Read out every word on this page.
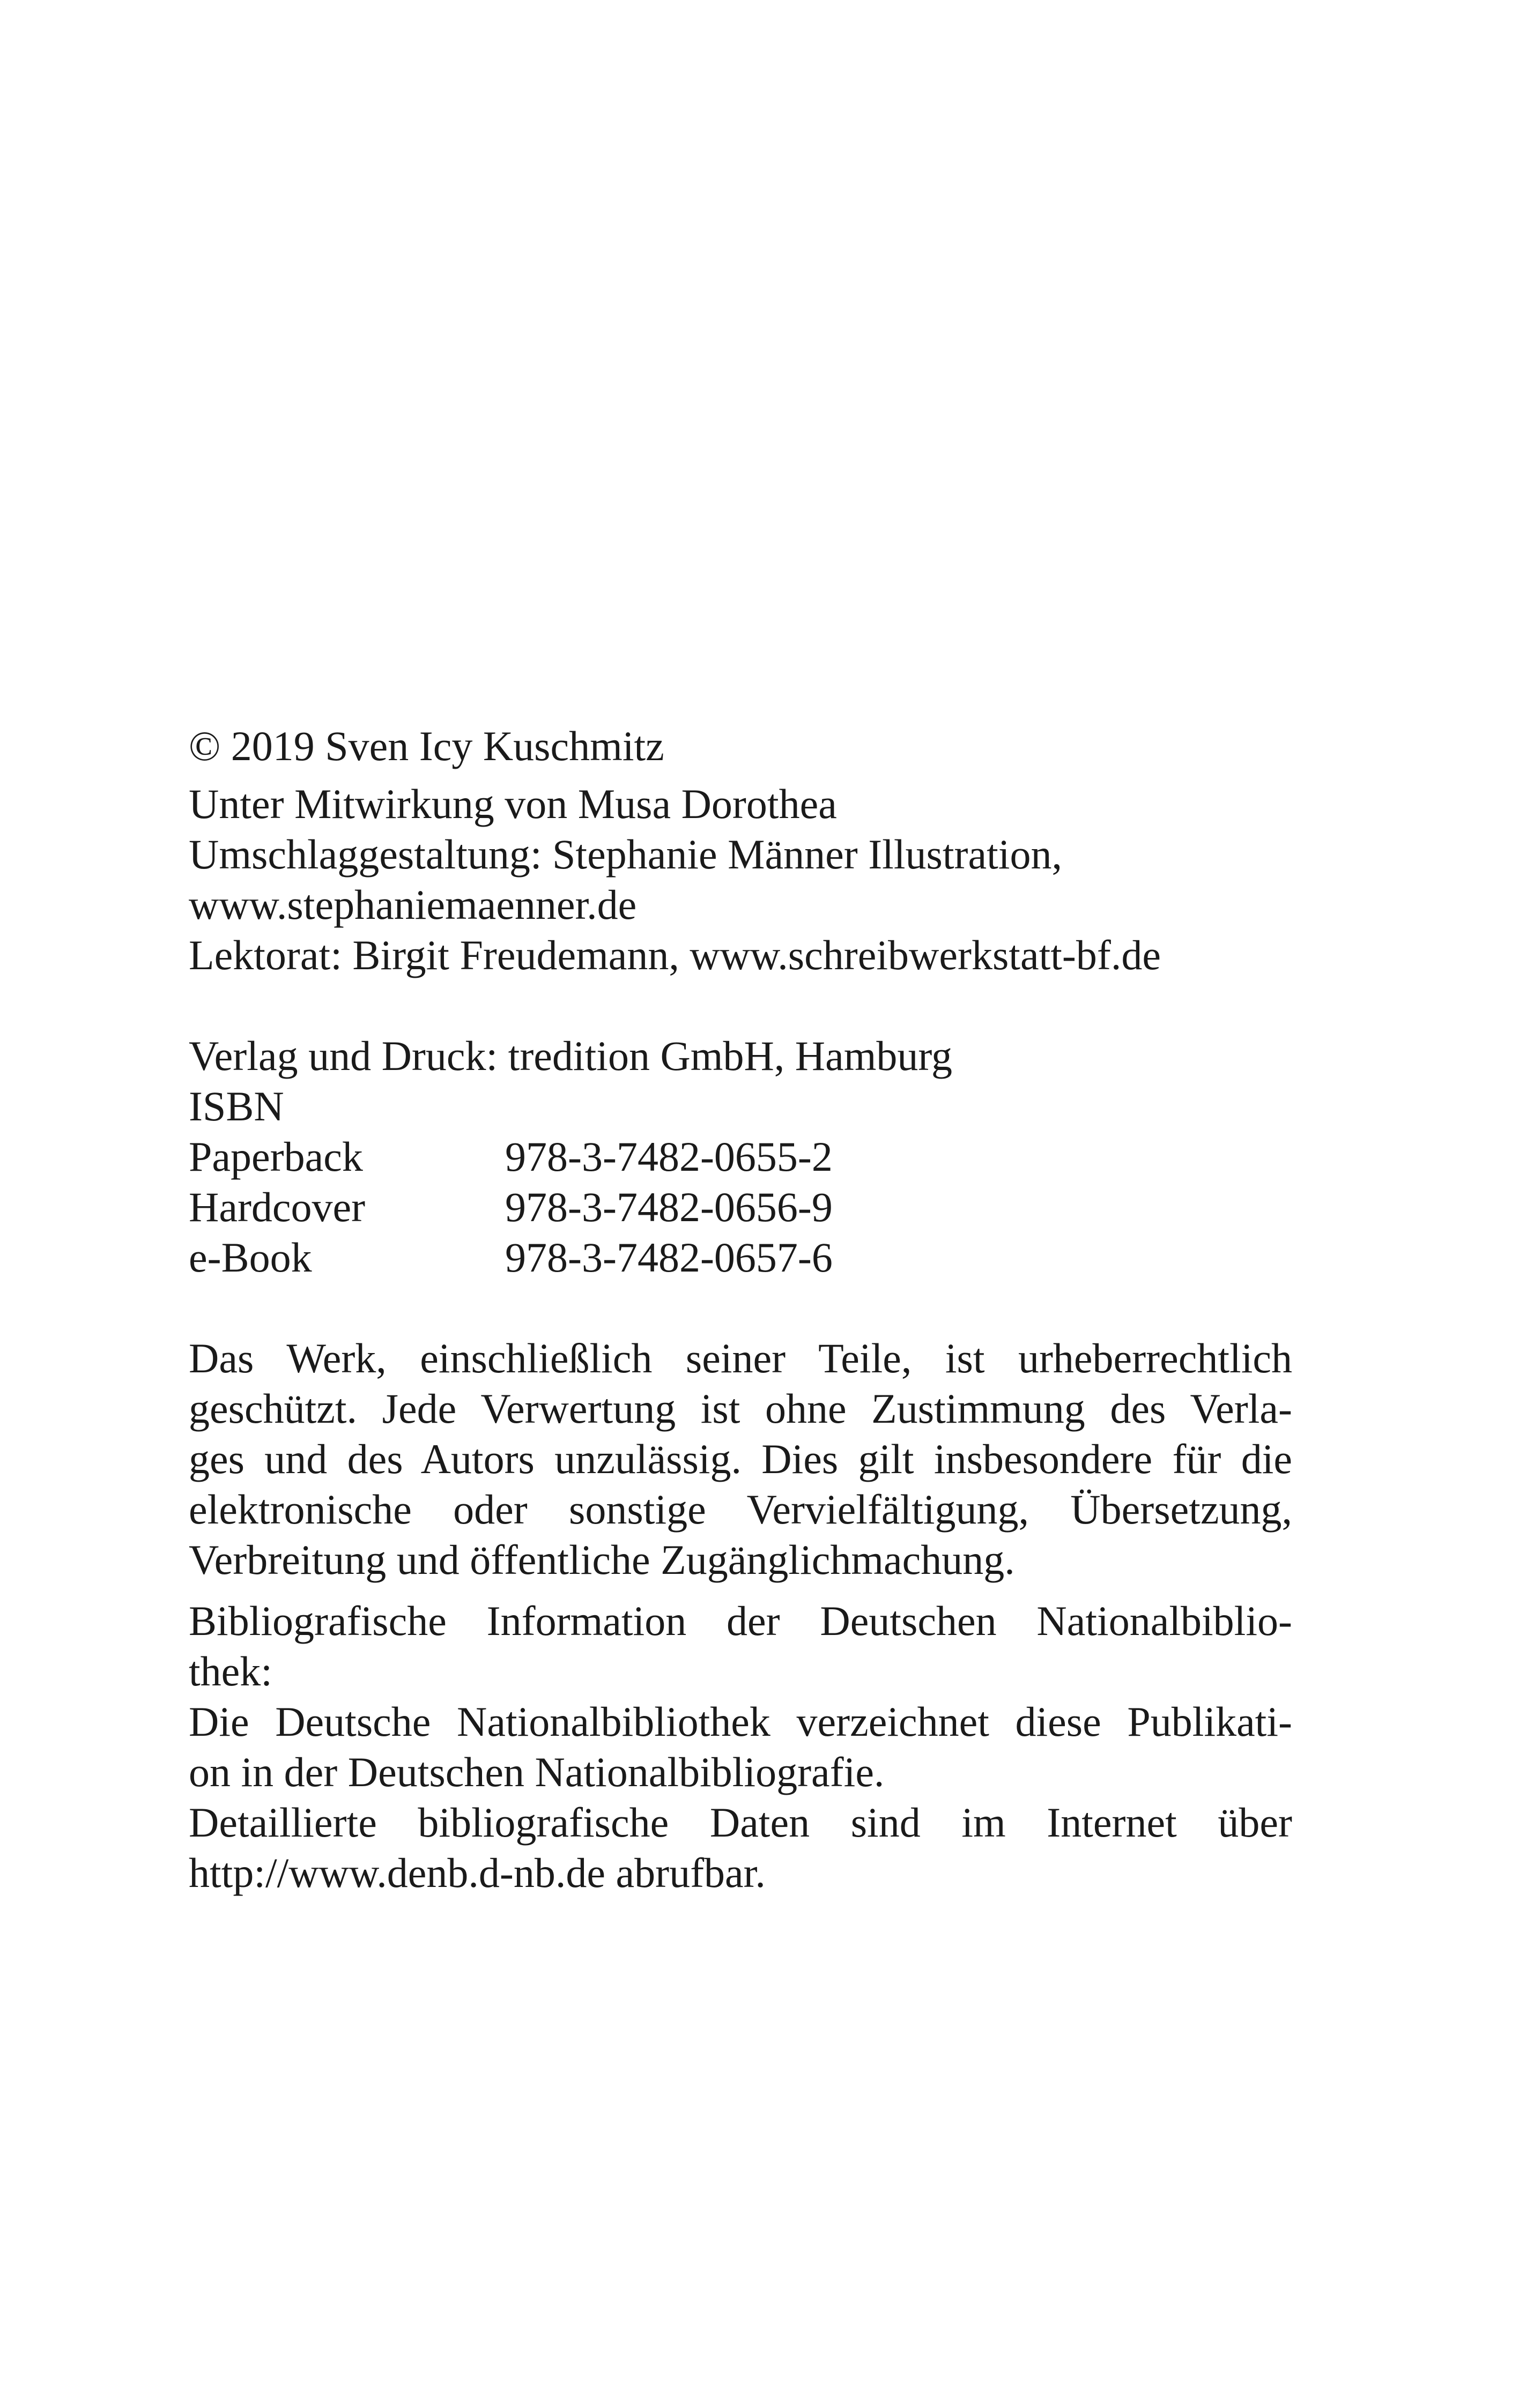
© 2019 Sven Icy Kuschmitz
Unter Mitwirkung von Musa Dorothea
Umschlaggestaltung: Stephanie Männer Illustration,
www.stephaniemaenner.de
Lektorat: Birgit Freudemann, www.schreibwerkstatt-bf.de
Verlag und Druck: tredition GmbH, Hamburg
ISBN
Paperback	978-3-7482-0655-2
Hardcover	978-3-7482-0656-9
e-Book	978-3-7482-0657-6
Das Werk, einschließlich seiner Teile, ist urheberrechtlich
geschützt. Jede Verwertung ist ohne Zustimmung des Verla-
ges und des Autors unzulässig. Dies gilt insbesondere für die
elektronische oder sonstige Vervielfältigung, Übersetzung,
Verbreitung und öffentliche Zugänglichmachung.
Bibliografische Information der Deutschen Nationalbiblio-
thek:
Die Deutsche Nationalbibliothek verzeichnet diese Publikati-
on in der Deutschen Nationalbibliografie.
Detaillierte bibliografische Daten sind im Internet über
http://www.denb.d-nb.de abrufbar.
